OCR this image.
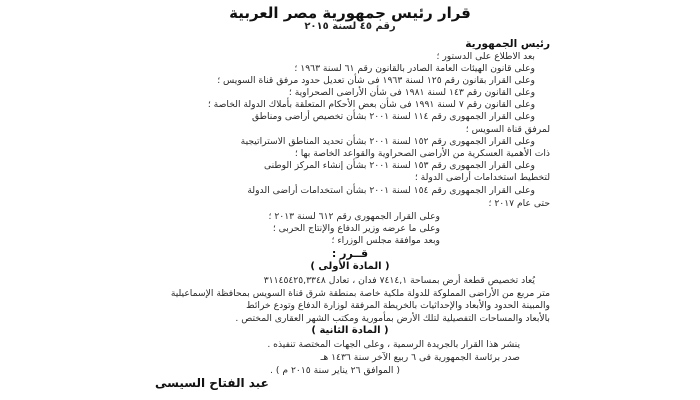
قرار رئيس جمهورية مصر العربية
رقم ٤٥ لسنة ٢٠١٥
رئيس الجمهورية
بعد الاطلاع على الدستور ؛
وعلى قانون الهيئات العامة الصادر بالقانون رقم ٦١ لسنة ١٩٦٣ ؛
وعلى القرار بقانون رقم ١٢٥ لسنة ١٩٦٣ فى شأن تعديل حدود مرفق قناة السويس ؛
وعلى القانون رقم ١٤٣ لسنة ١٩٨١ فى شأن الأراضى الصحراوية ؛
وعلى القانون رقم ٧ لسنة ١٩٩١ فى شأن بعض الأحكام المتعلقة بأملاك الدولة الخاصة ؛
وعلى القرار الجمهورى رقم ١١٤ لسنة ٢٠٠١ بشأن تخصيص أراضى ومناطق
لمرفق قناة السويس ؛
وعلى القرار الجمهورى رقم ١٥٢ لسنة ٢٠٠١ بشأن تحديد المناطق الاستراتيجية
ذات الأهمية العسكرية من الأراضى الصحراوية والقواعد الخاصة بها ؛
وعلى القرار الجمهورى رقم ١٥٣ لسنة ٢٠٠١ بشأن إنشاء المركز الوطنى
لتخطيط استخدامات أراضى الدولة ؛
وعلى القرار الجمهورى رقم ١٥٤ لسنة ٢٠٠١ بشأن استخدامات أراضى الدولة
حتى عام ٢٠١٧ ؛
وعلى القرار الجمهورى رقم ٦١٢ لسنة ٢٠١٣ ؛
وعلى ما عرضه وزير الدفاع والإنتاج الحربى ؛
وبعد موافقة مجلس الوزراء ؛
قــرر :
( المادة الأولى )
يُعاد تخصيص قطعة أرض بمساحة ٧٤١٤,١ فدان ، تعادل ٣١١٤٥٤٢٥,٣٣٤٨
متر مربع من الأراضى المملوكة للدولة ملكية خاصة بمنطقة شرق قناة السويس بمحافظة الإسماعيلية
والمبينة الحدود والأبعاد والإحداثيات بالخريطة المرفقة لوزارة الدفاع وتودع خرائط
بالأبعاد والمساحات التفصيلية لتلك الأرض بمأمورية ومكتب الشهر العقارى المختص .
( المادة الثانية )
ينشر هذا القرار بالجريدة الرسمية ، وعلى الجهات المختصة تنفيذه .
صدر برئاسة الجمهورية فى ٦ ربيع الآخر سنة ١٤٣٦ هـ
( الموافق ٢٦ يناير سنة ٢٠١٥ م ) .
عبد الفتاح السيسى
